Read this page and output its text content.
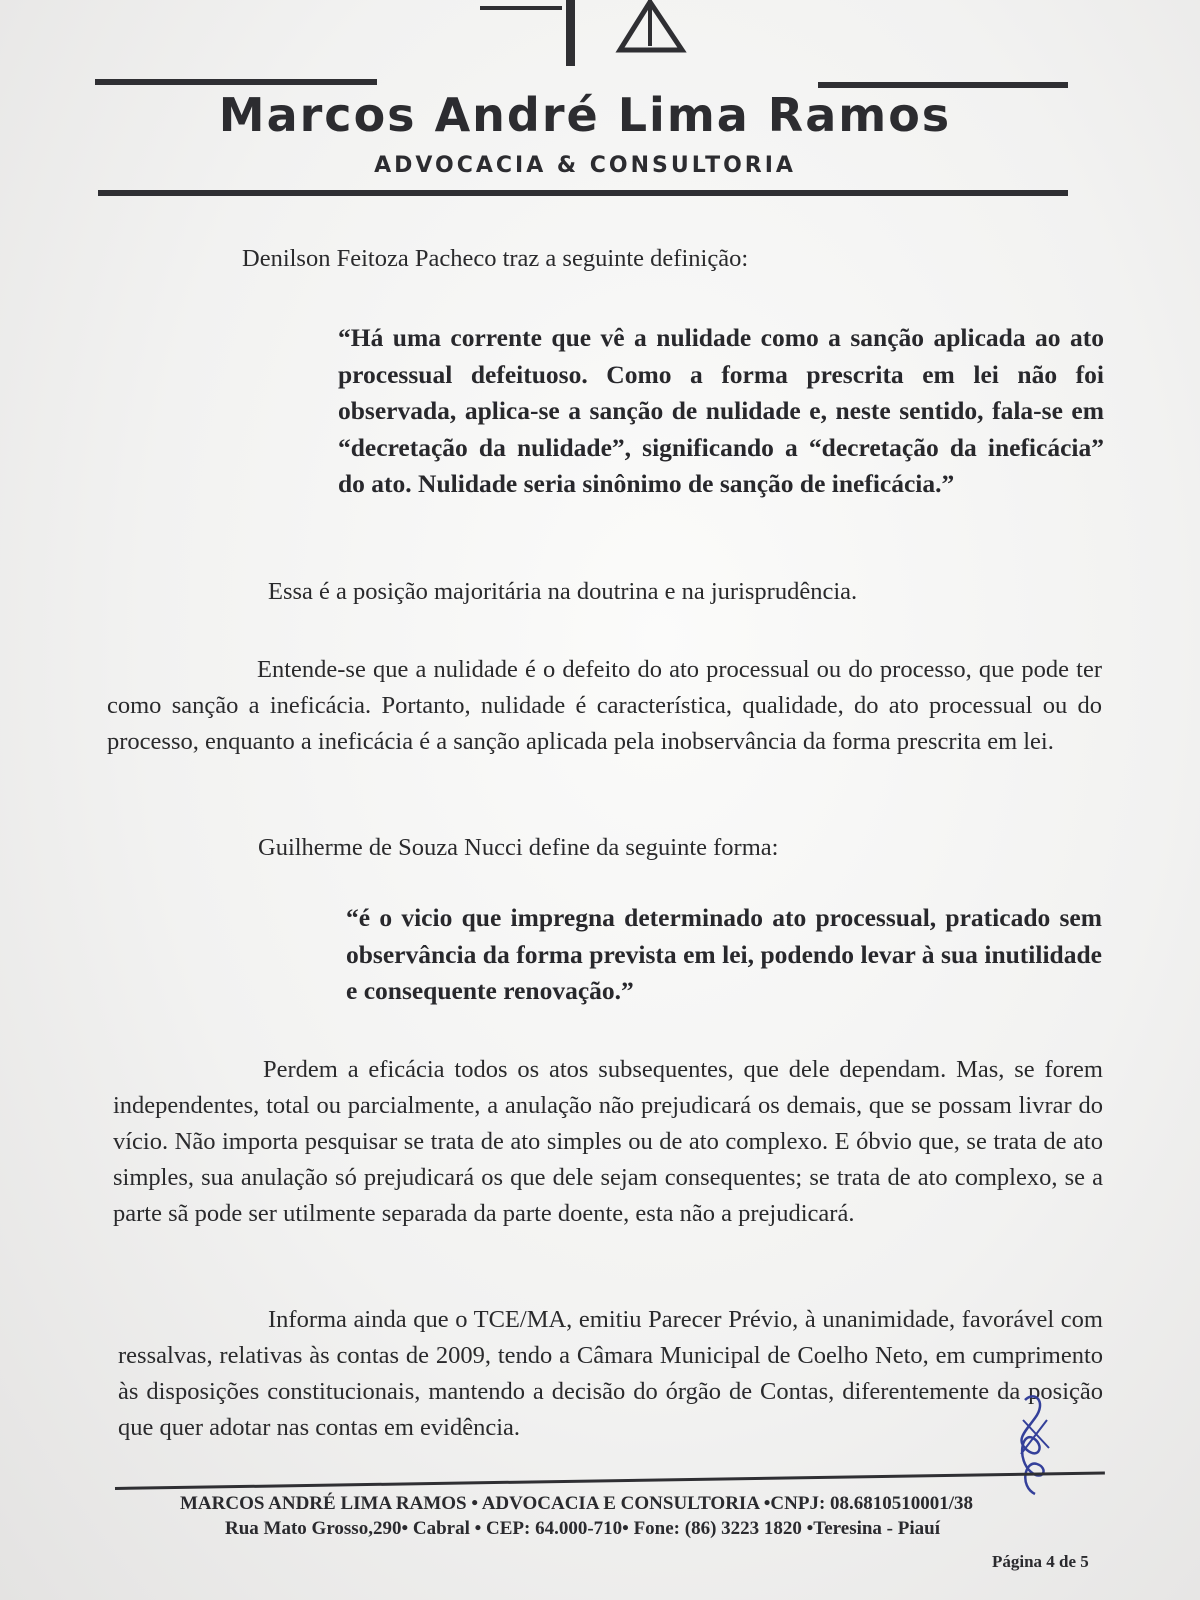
Marcos André Lima Ramos
ADVOCACIA & CONSULTORIA

Denilson Feitoza Pacheco traz a seguinte definição:

“Há uma corrente que vê a nulidade como a sanção aplicada ao ato processual defeituoso. Como a forma prescrita em lei não foi observada, aplica-se a sanção de nulidade e, neste sentido, fala-se em “decretação da nulidade”, significando a “decretação da ineficácia” do ato. Nulidade seria sinônimo de sanção de ineficácia.”

Essa é a posição majoritária na doutrina e na jurisprudência.

Entende-se que a nulidade é o defeito do ato processual ou do processo, que pode ter como sanção a ineficácia. Portanto, nulidade é característica, qualidade, do ato processual ou do processo, enquanto a ineficácia é a sanção aplicada pela inobservância da forma prescrita em lei.

Guilherme de Souza Nucci define da seguinte forma:

“é o vicio que impregna determinado ato processual, praticado sem observância da forma prevista em lei, podendo levar à sua inutilidade e consequente renovação.”

Perdem a eficácia todos os atos subsequentes, que dele dependam. Mas, se forem independentes, total ou parcialmente, a anulação não prejudicará os demais, que se possam livrar do vício. Não importa pesquisar se trata de ato simples ou de ato complexo. E óbvio que, se trata de ato simples, sua anulação só prejudicará os que dele sejam consequentes; se trata de ato complexo, se a parte sã pode ser utilmente separada da parte doente, esta não a prejudicará.

Informa ainda que o TCE/MA, emitiu Parecer Prévio, à unanimidade, favorável com ressalvas, relativas às contas de 2009, tendo a Câmara Municipal de Coelho Neto, em cumprimento às disposições constitucionais, mantendo a decisão do órgão de Contas, diferentemente da posição que quer adotar nas contas em evidência.

MARCOS ANDRÉ LIMA RAMOS • ADVOCACIA E CONSULTORIA •CNPJ: 08.6810510001/38

Rua Mato Grosso,290• Cabral • CEP: 64.000-710• Fone: (86) 3223 1820 •Teresina - Piauí

Página 4 de 5
